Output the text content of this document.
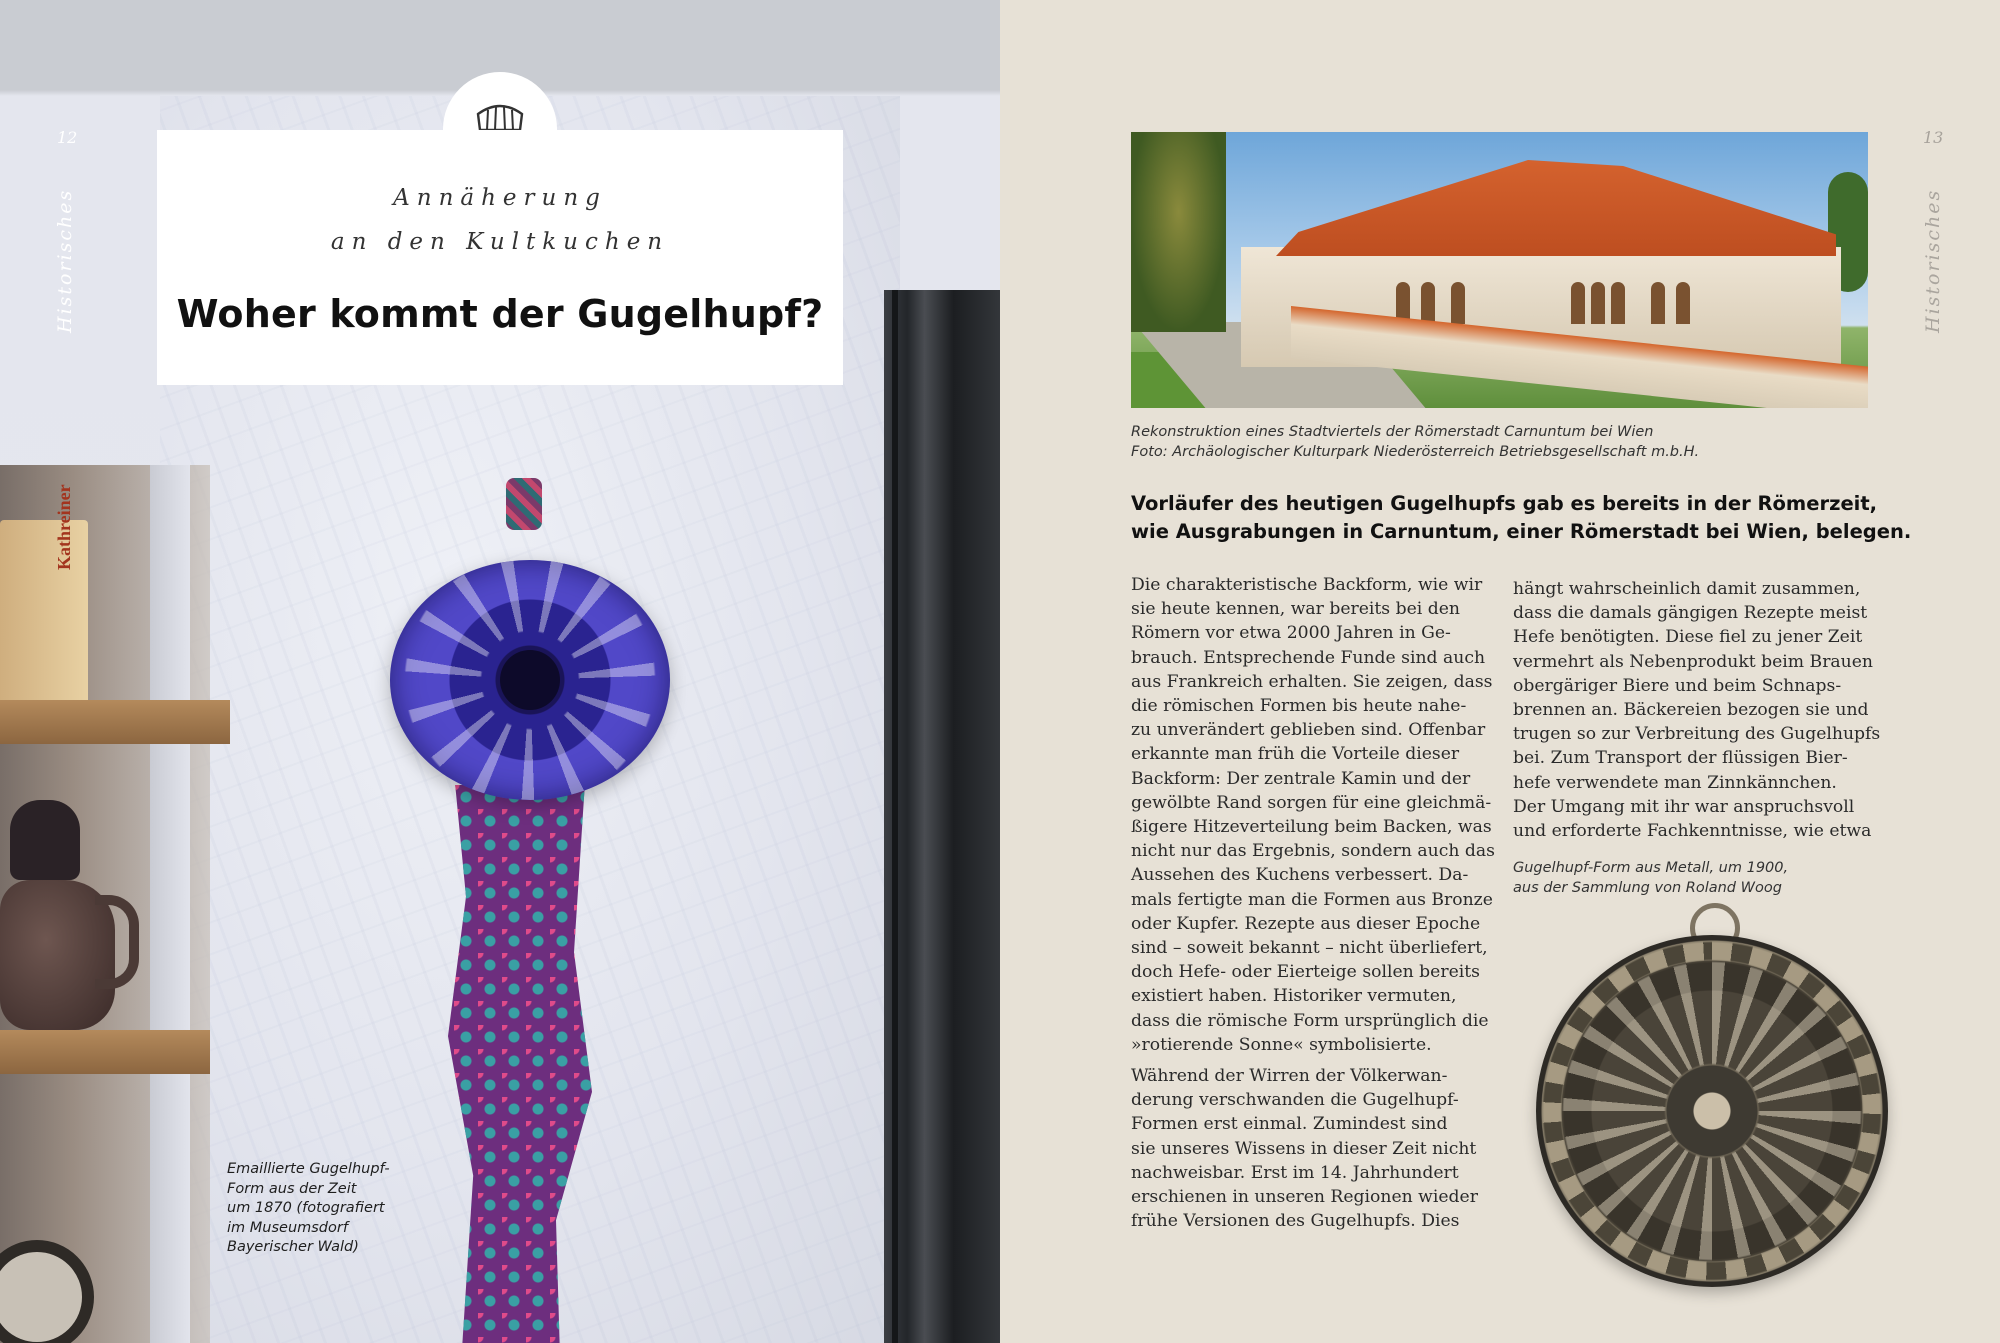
Kathreiner
Annäherung
an den Kultkuchen
Woher kommt der Gugelhupf?
12
Historisches
Emaillierte Gugelhupf-
Form aus der Zeit
um 1870 (fotografiert
im Museumsdorf
Bayerischer Wald)
13
Historisches
Rekonstruktion eines Stadtviertels der Römerstadt Carnuntum bei Wien
Foto: Archäologischer Kulturpark Niederösterreich Betriebsgesellschaft m.b.H.
Vorläufer des heutigen Gugelhupfs gab es bereits in der Römerzeit,
wie Ausgrabungen in Carnuntum, einer Römerstadt bei Wien, belegen.
Die charakteristische Backform, wie wir
sie heute kennen, war bereits bei den
Römern vor etwa 2000 Jahren in Ge-
brauch. Entsprechende Funde sind auch
aus Frankreich erhalten. Sie zeigen, dass
die römischen Formen bis heute nahe-
zu unverändert geblieben sind. Offenbar
erkannte man früh die Vorteile dieser
Backform: Der zentrale Kamin und der
gewölbte Rand sorgen für eine gleichmä-
ßigere Hitzeverteilung beim Backen, was
nicht nur das Ergebnis, sondern auch das
Aussehen des Kuchens verbessert. Da-
mals fertigte man die Formen aus Bronze
oder Kupfer. Rezepte aus dieser Epoche
sind – soweit bekannt – nicht überliefert,
doch Hefe- oder Eierteige sollen bereits
existiert haben. Historiker vermuten,
dass die römische Form ursprünglich die
»rotierende Sonne« symbolisierte.
Während der Wirren der Völkerwan-
derung verschwanden die Gugelhupf-
Formen erst einmal. Zumindest sind
sie unseres Wissens in dieser Zeit nicht
nachweisbar. Erst im 14. Jahrhundert
erschienen in unseren Regionen wieder
frühe Versionen des Gugelhupfs. Dies
hängt wahrscheinlich damit zusammen,
dass die damals gängigen Rezepte meist
Hefe benötigten. Diese fiel zu jener Zeit
vermehrt als Nebenprodukt beim Brauen
obergäriger Biere und beim Schnaps-
brennen an. Bäckereien bezogen sie und
trugen so zur Verbreitung des Gugelhupfs
bei. Zum Transport der flüssigen Bier-
hefe verwendete man Zinnkännchen.
Der Umgang mit ihr war anspruchsvoll
und erforderte Fachkenntnisse, wie etwa
Gugelhupf-Form aus Metall, um 1900,
aus der Sammlung von Roland Woog
